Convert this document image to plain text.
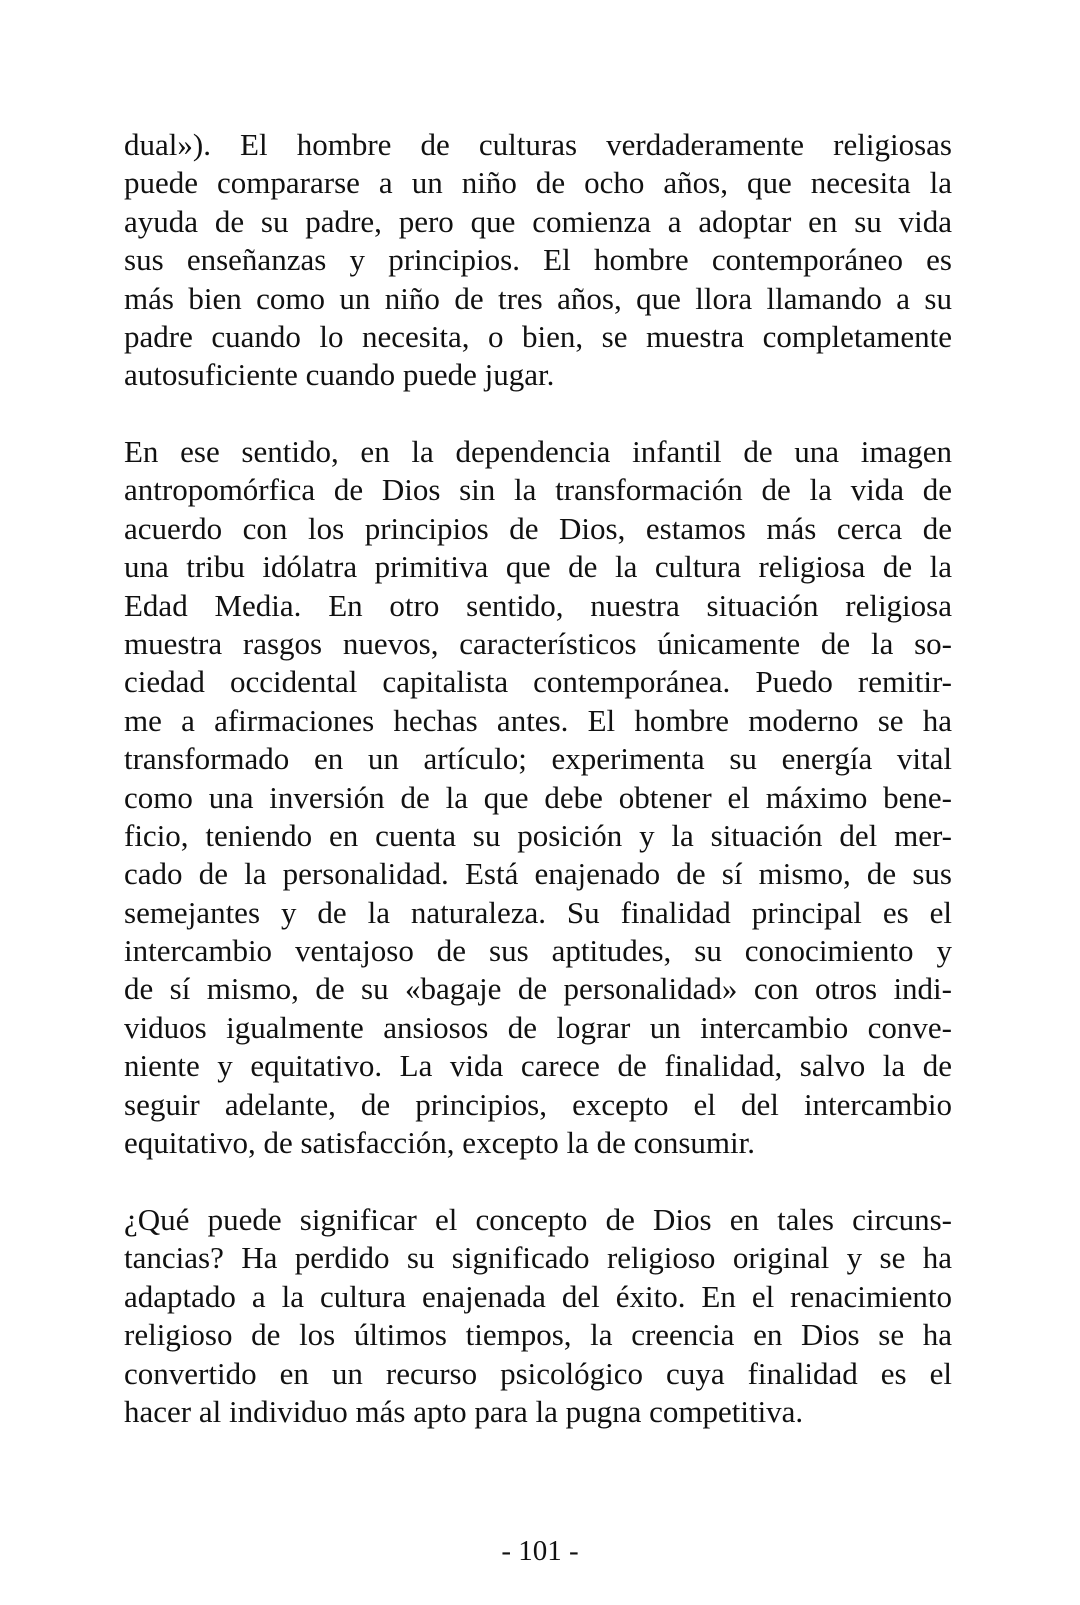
dual»). El hombre de culturas verdaderamente religiosas
puede compararse a un niño de ocho años, que necesita la
ayuda de su padre, pero que comienza a adoptar en su vida
sus enseñanzas y principios. El hombre contemporáneo es
más bien como un niño de tres años, que llora llamando a su
padre cuando lo necesita, o bien, se muestra completamente
autosuficiente cuando puede jugar.

En ese sentido, en la dependencia infantil de una imagen
antropomórfica de Dios sin la transformación de la vida de
acuerdo con los principios de Dios, estamos más cerca de
una tribu idólatra primitiva que de la cultura religiosa de la
Edad Media. En otro sentido, nuestra situación religiosa
muestra rasgos nuevos, característicos únicamente de la so-
ciedad occidental capitalista contemporánea. Puedo remitir-
me a afirmaciones hechas antes. El hombre moderno se ha
transformado en un artículo; experimenta su energía vital
como una inversión de la que debe obtener el máximo bene-
ficio, teniendo en cuenta su posición y la situación del mer-
cado de la personalidad. Está enajenado de sí mismo, de sus
semejantes y de la naturaleza. Su finalidad principal es el
intercambio ventajoso de sus aptitudes, su conocimiento y
de sí mismo, de su «bagaje de personalidad» con otros indi-
viduos igualmente ansiosos de lograr un intercambio conve-
niente y equitativo. La vida carece de finalidad, salvo la de
seguir adelante, de principios, excepto el del intercambio
equitativo, de satisfacción, excepto la de consumir.

¿Qué puede significar el concepto de Dios en tales circuns-
tancias? Ha perdido su significado religioso original y se ha
adaptado a la cultura enajenada del éxito. En el renacimiento
religioso de los últimos tiempos, la creencia en Dios se ha
convertido en un recurso psicológico cuya finalidad es el
hacer al individuo más apto para la pugna competitiva.

- 101 -
